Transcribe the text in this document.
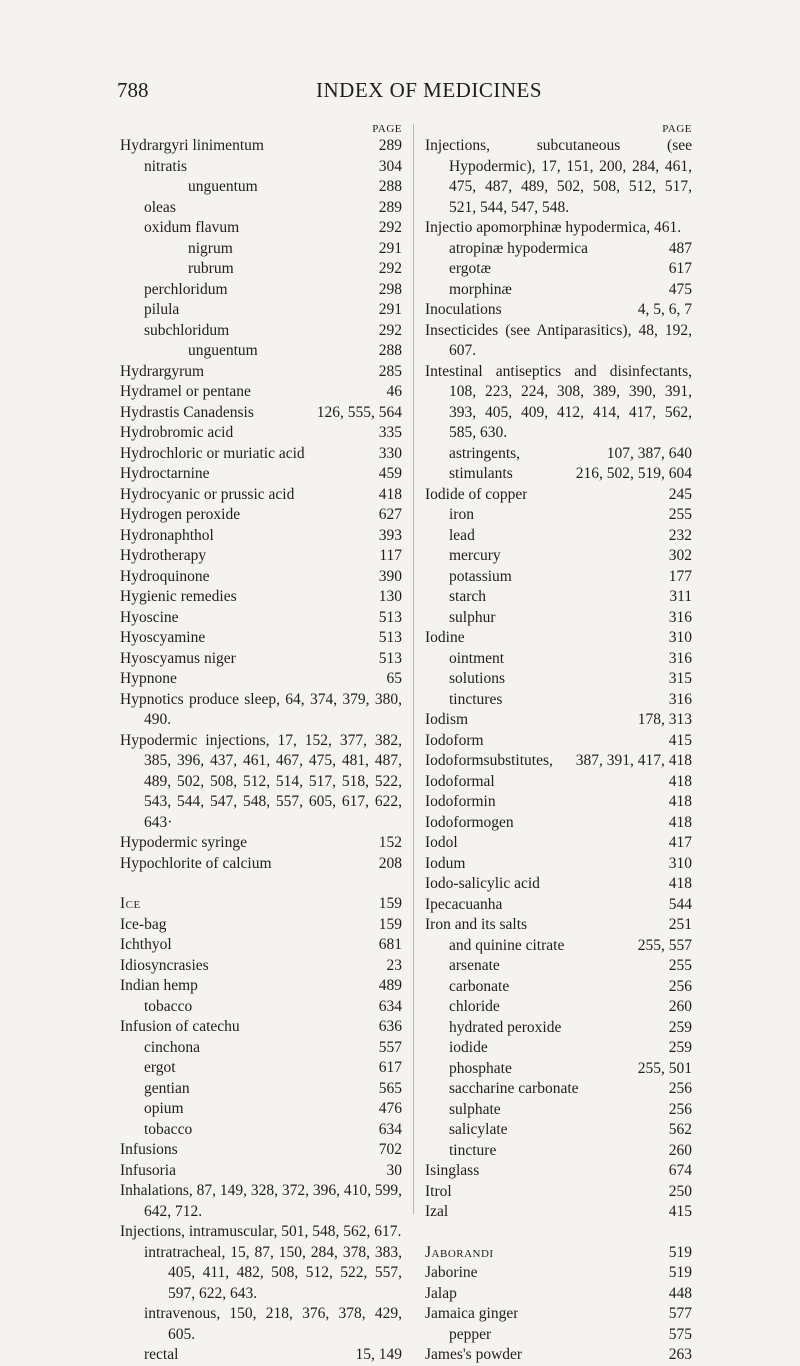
788	INDEX OF MEDICINES
PAGE
Hydrargyri linimentum	289
nitratis	304
unguentum	288
oleas	289
oxidum flavum	292
nigrum	291
rubrum	292
perchloridum	298
pilula	291
subchloridum	292
unguentum	288
Hydrargyrum	285
Hydramel or pentane	46
Hydrastis Canadensis	126, 555, 564
Hydrobromic acid	335
Hydrochloric or muriatic acid	330
Hydroctarnine	459
Hydrocyanic or prussic acid	418
Hydrogen peroxide	627
Hydronaphthol	393
Hydrotherapy	117
Hydroquinone	390
Hygienic remedies	130
Hyoscine	513
Hyoscyamine	513
Hyoscyamus niger	513
Hypnone	65
Hypnotics produce sleep, 64, 374, 379, 380, 490.
Hypodermic injections, 17, 152, 377, 382, 385, 396, 437, 461, 467, 475, 481, 487, 489, 502, 508, 512, 514, 517, 518, 522, 543, 544, 547, 548, 557, 605, 617, 622, 643·
Hypodermic syringe	152
Hypochlorite of calcium	208
Ice	159
Ice-bag	159
Ichthyol	681
Idiosyncrasies	23
Indian hemp	489
tobacco	634
Infusion of catechu	636
cinchona	557
ergot	617
gentian	565
opium	476
tobacco	634
Infusions	702
Infusoria	30
Inhalations, 87, 149, 328, 372, 396, 410, 599, 642, 712.
Injections, intramuscular, 501, 548, 562, 617.
intratracheal, 15, 87, 150, 284, 378, 383, 405, 411, 482, 508, 512, 522, 557, 597, 622, 643.
intravenous, 150, 218, 376, 378, 429, 605.
rectal	15, 149
PAGE
Injections, subcutaneous (see Hypodermic), 17, 151, 200, 284, 461, 475, 487, 489, 502, 508, 512, 517, 521, 544, 547, 548.
Injectio apomorphinæ hypodermica, 461.
atropinæ hypodermica	487
ergotæ	617
morphinæ	475
Inoculations	4, 5, 6, 7
Insecticides (see Antiparasitics), 48, 192, 607.
Intestinal antiseptics and disinfectants, 108, 223, 224, 308, 389, 390, 391, 393, 405, 409, 412, 414, 417, 562, 585, 630.
astringents,	107, 387, 640
stimulants	216, 502, 519, 604
Iodide of copper	245
iron	255
lead	232
mercury	302
potassium	177
starch	311
sulphur	316
Iodine	310
ointment	316
solutions	315
tinctures	316
Iodism	178, 313
Iodoform	415
Iodoformsubstitutes,	387, 391, 417, 418
Iodoformal	418
Iodoformin	418
Iodoformogen	418
Iodol	417
Iodum	310
Iodo-salicylic acid	418
Ipecacuanha	544
Iron and its salts	251
and quinine citrate	255, 557
arsenate	255
carbonate	256
chloride	260
hydrated peroxide	259
iodide	259
phosphate	255, 501
saccharine carbonate	256
sulphate	256
salicylate	562
tincture	260
Isinglass	674
Itrol	250
Izal	415
Jaborandi	519
Jaborine	519
Jalap	448
Jamaica ginger	577
pepper	575
James's powder	263
